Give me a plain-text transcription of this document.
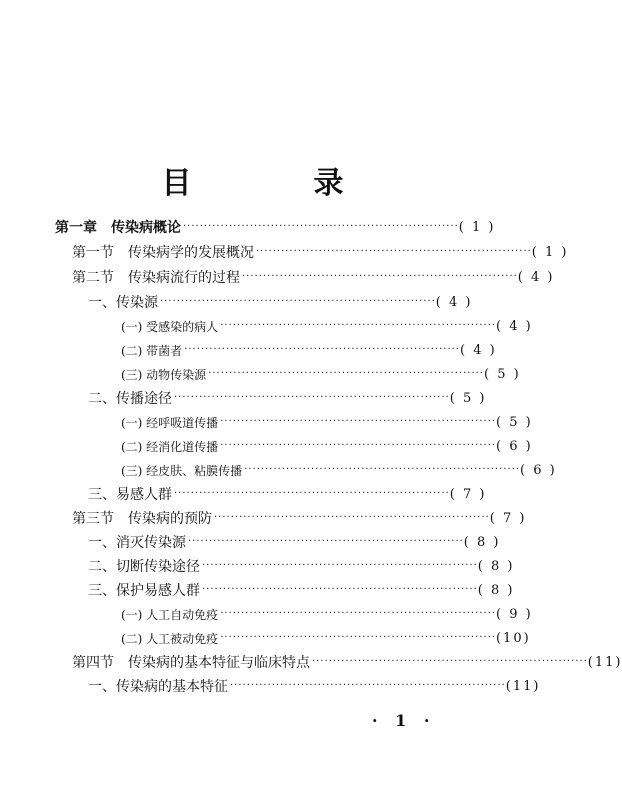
目　录
第一章　传染病概论 ·································································· ( 1 )
第一节　传染病学的发展概况 ·································································· ( 1 )
第二节　传染病流行的过程 ·································································· ( 4 )
一、传染源 ·································································· ( 4 )
(一) 受感染的病人 ·································································· ( 4 )
(二) 带菌者 ·································································· ( 4 )
(三) 动物传染源 ·································································· ( 5 )
二、传播途径 ·································································· ( 5 )
(一) 经呼吸道传播 ·································································· ( 5 )
(二) 经消化道传播 ·································································· ( 6 )
(三) 经皮肤、粘膜传播 ·································································· ( 6 )
三、易感人群 ·································································· ( 7 )
第三节　传染病的预防 ·································································· ( 7 )
一、消灭传染源 ·································································· ( 8 )
二、切断传染途径 ·································································· ( 8 )
三、保护易感人群 ·································································· ( 8 )
(一) 人工自动免疫 ·································································· ( 9 )
(二) 人工被动免疫 ·································································· (10)
第四节　传染病的基本特征与临床特点 ·································································· (11)
一、传染病的基本特征 ·································································· (11)
· 1 ·
